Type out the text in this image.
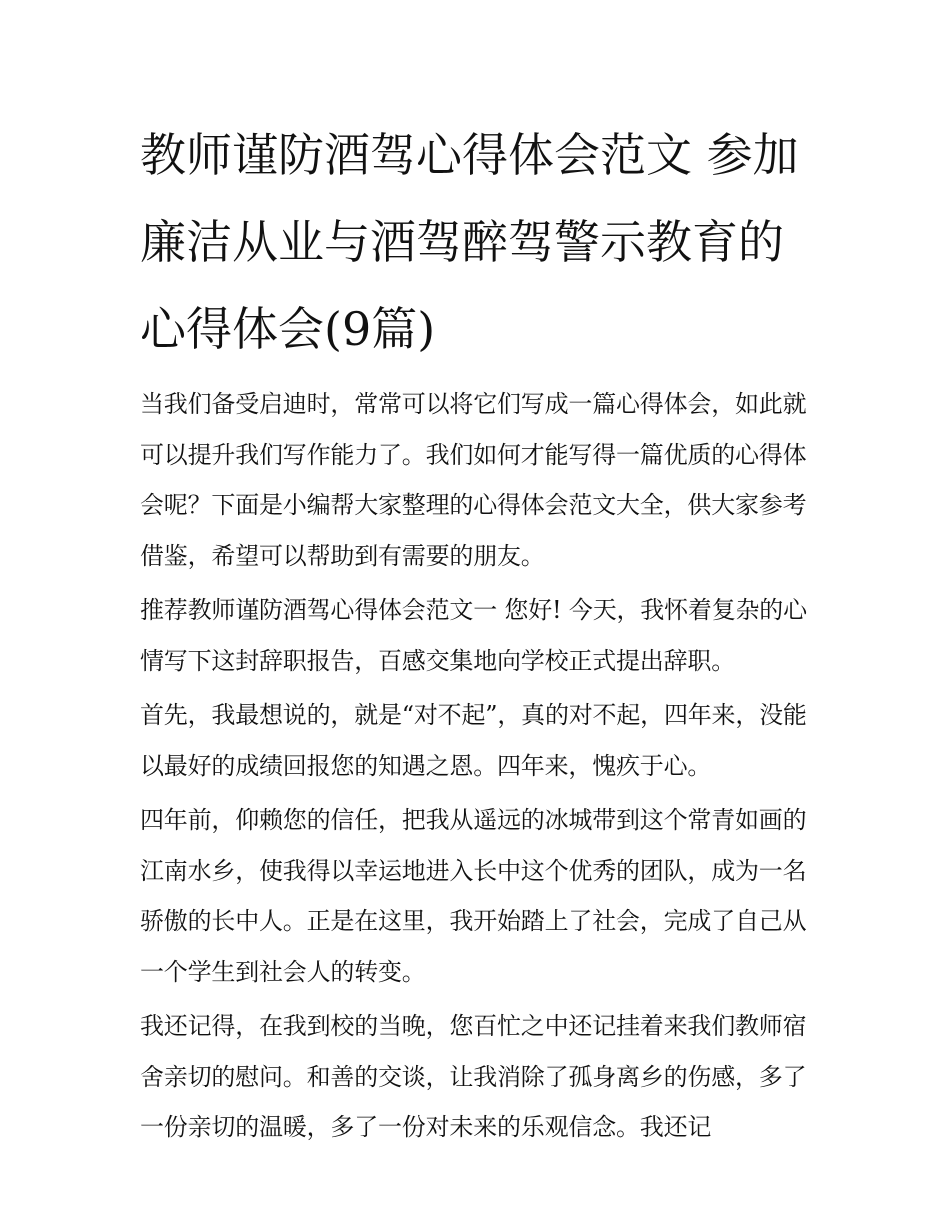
教师谨防酒驾心得体会范文 参加廉洁从业与酒驾醉驾警示教育的心得体会(9篇)

当我们备受启迪时，常常可以将它们写成一篇心得体会，如此就可以提升我们写作能力了。我们如何才能写得一篇优质的心得体会呢？下面是小编帮大家整理的心得体会范文大全，供大家参考借鉴，希望可以帮助到有需要的朋友。

推荐教师谨防酒驾心得体会范文一 您好! 今天，我怀着复杂的心情写下这封辞职报告，百感交集地向学校正式提出辞职。

首先，我最想说的，就是“对不起”，真的对不起，四年来，没能以最好的成绩回报您的知遇之恩。四年来，愧疚于心。

四年前，仰赖您的信任，把我从遥远的冰城带到这个常青如画的江南水乡，使我得以幸运地进入长中这个优秀的团队，成为一名骄傲的长中人。正是在这里，我开始踏上了社会，完成了自己从一个学生到社会人的转变。

我还记得，在我到校的当晚，您百忙之中还记挂着来我们教师宿舍亲切的慰问。和善的交谈，让我消除了孤身离乡的伤感，多了一份亲切的温暖，多了一份对未来的乐观信念。我还记
